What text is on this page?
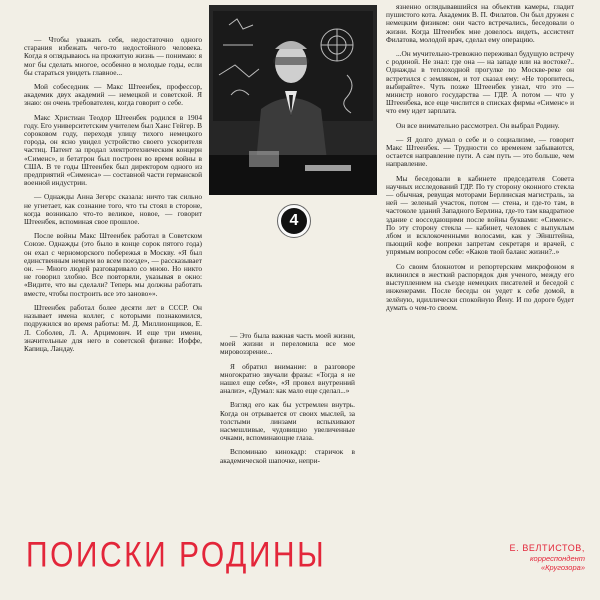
— Чтобы уважать себя, недостаточно одного старания избежать чего-то недостойного человека. Когда я оглядываюсь на прожитую жизнь — понимаю: я мог бы сделать многое, особенно в молодые годы, если бы стараться увидеть главное...

Мой собеседник — Макс Штеенбек, профессор, академик двух академий — немецкой и советской. Я знаю: он очень требователен, когда говорит о себе.

Макс Христиан Теодор Штеенбек родился в 1904 году. Его университетским учителем был Ханс Гейгер. В сороковом году, переходя улицу тихого немецкого города, он ясно увидел устройство своего ускорителя частиц. Патент за продал электротехническим концерн «Сименс», и бетатрон был построен во время войны в США. В те годы Штеенбек был директором одного из предприятий «Сименса» — составной части германской военной индустрии.

— Однажды Анна Зегерс сказала: ничто так сильно не угнетает, как сознание того, что ты стоял в стороне, когда возникало что-то великое, новое, — говорит Штеенбек, вспоминая свое прошлое.

После войны Макс Штеенбек работал в Советском Союзе. Однажды (это было в конце сорок пятого года) он ехал с черноморского побережья в Москву. «Я был единственным немцем во всем поезде», — рассказывает он. — Много людей разговаривало со мною. Но никто не говорил злобно. Все повторяли, указывая в окно: «Видите, что вы сделали? Теперь мы должны работать вместе, чтобы построить все это заново»».

Штеенбек работал более десяти лет в СССР. Он называет имена коллег, с которыми познакомился, подружился во время работы: М. Д. Миллионщиков, Е. Л. Соболев, Л. А. Арцимович. И еще три имени, значительные для него в советской физике: Иоффе, Капица, Ландау.

4

— Это была важная часть моей жизни, моей жизни и переломила все мое мировоззрение...

Я обратил внимание: в разговоре многократно звучали фразы: «Тогда я не нашел еще себя», «Я провел внутренний анализ», «Думал: как мало еще сделал...»

Взгляд его как бы устремлен внутрь. Когда он отрывается от своих мыслей, за толстыми линзами вспыхивают насмешливые, чудовищно увеличенные очками, вспоминающие глаза.

Вспоминаю кинокадр: старичок в академической шапочке, непри-

язненно оглядывавшийся на объектив камеры, гладит пушистого кота. Академик В. П. Филатов. Он был дружен с немецким физиком: они часто встречались, беседовали о жизни. Когда Штеенбек мне довелось видеть, ассистент Филатова, молодой врач, сделал ему операцию.

...Он мучительно-тревожно переживал будущую встречу с родиной. Не знал: где она — на западе или на востоке?.. Однажды в теплоходной прогулке по Москве-реке он встретился с земляком, и тот сказал ему: «Не торопитесь, выбирайте». Чуть позже Штеенбек узнал, что это — министр нового государства — ГДР. А потом — что у Штеенбека, все еще числится в списках фирмы «Сименс» и что ему идет зарплата.

Он все внимательно рассмотрел. Он выбрал Родину.

— Я долго думал о себе и о социализме, — говорит Макс Штеенбек. — Трудности со временем забываются, остается направление пути. А сам путь — это больше, чем направление.

Мы беседовали в кабинете председателя Совета научных исследований ГДР. По ту сторону оконного стекла — обычная, ревущая моторами Берлинская магистраль, за ней — зеленый участок, потом — стена, и где-то там, в частоколе зданий Западного Берлина, где-то там квадратное здание с восседающими после войны буквами: «Сименс». По эту сторону стекла — кабинет, человек с выпуклым лбом и всклокоченными волосами, как у Эйнштейна, пьющий кофе вопреки запретам секретаря и врачей, с упрямым вопросом себе: «Каков твой баланс жизни?..»

Со своим блокнотом и репортерским микрофоном я вклинился в жесткий распорядок дня ученого, между его выступлением на съезде немецких писателей и беседой с инженерами. После беседы он уедет к себе домой, в зелёную, идиллически спокойную Йену. И по дороге будет думать о чем-то своем.

ПОИСКИ РОДИНЫ	Е. ВЕЛТИСТОВ,
корреспондент
«Кругозора»
